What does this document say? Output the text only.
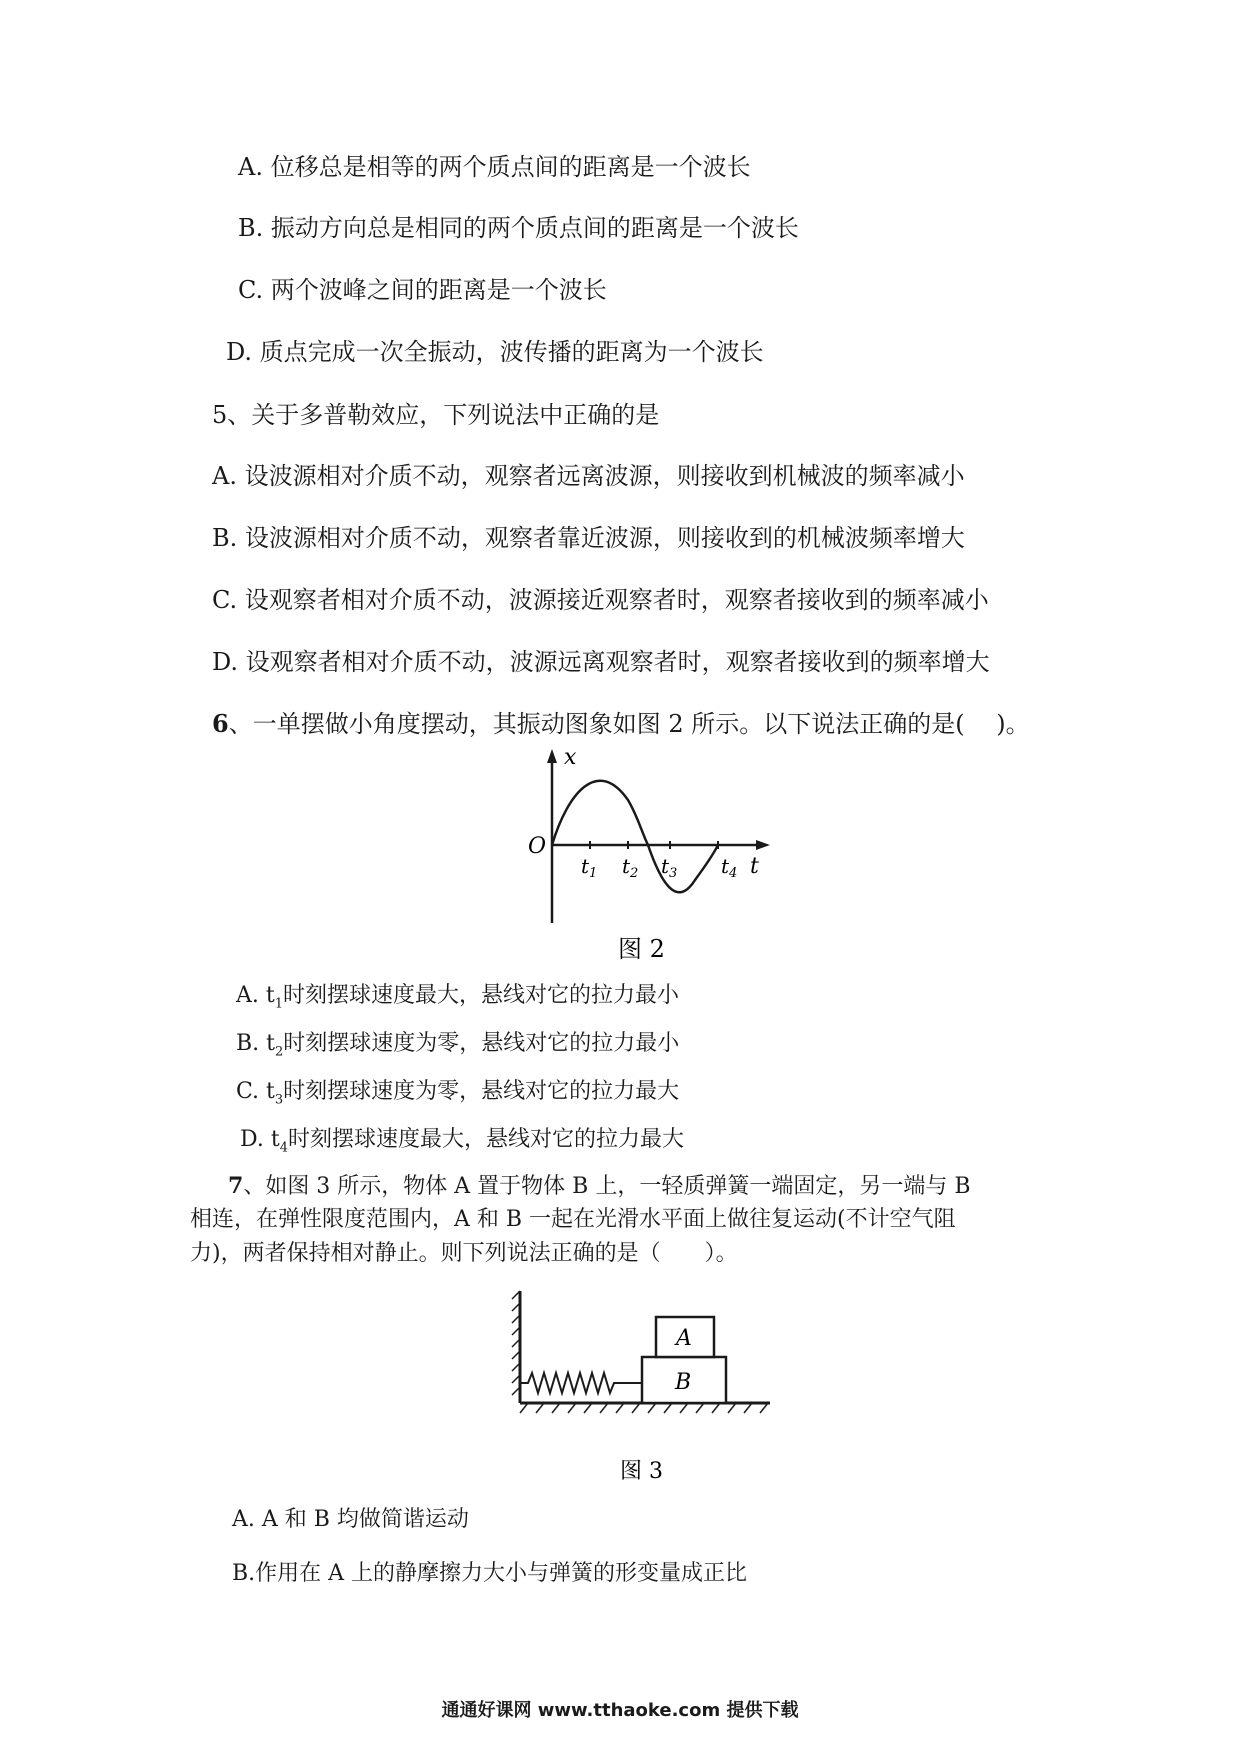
A. 位移总是相等的两个质点间的距离是一个波长
B. 振动方向总是相同的两个质点间的距离是一个波长
C. 两个波峰之间的距离是一个波长
D. 质点完成一次全振动，波传播的距离为一个波长
5、关于多普勒效应，下列说法中正确的是
A. 设波源相对介质不动，观察者远离波源，则接收到机械波的频率减小
B. 设波源相对介质不动，观察者靠近波源，则接收到的机械波频率增大
C. 设观察者相对介质不动，波源接近观察者时，观察者接收到的频率减小
D. 设观察者相对介质不动，波源远离观察者时，观察者接收到的频率增大
6、一单摆做小角度摆动，其振动图象如图 2 所示。以下说法正确的是(　 )。
x
O
t
$t_1$ $t_2$ $t_3$ $t_4$
图 2
A. $t_1$时刻摆球速度最大，悬线对它的拉力最小
B. $t_2$时刻摆球速度为零，悬线对它的拉力最小
C. $t_3$时刻摆球速度为零，悬线对它的拉力最大
D. $t_4$时刻摆球速度最大，悬线对它的拉力最大
7、如图 3 所示，物体 A 置于物体 B 上，一轻质弹簧一端固定，另一端与 B
相连，在弹性限度范围内，A 和 B 一起在光滑水平面上做往复运动(不计空气阻
力)，两者保持相对静止。则下列说法正确的是（　　）。
B
A
图 3
A. A 和 B 均做简谐运动
B.作用在 A 上的静摩擦力大小与弹簧的形变量成正比
通通好课网 www.tthaoke.com 提供下载
